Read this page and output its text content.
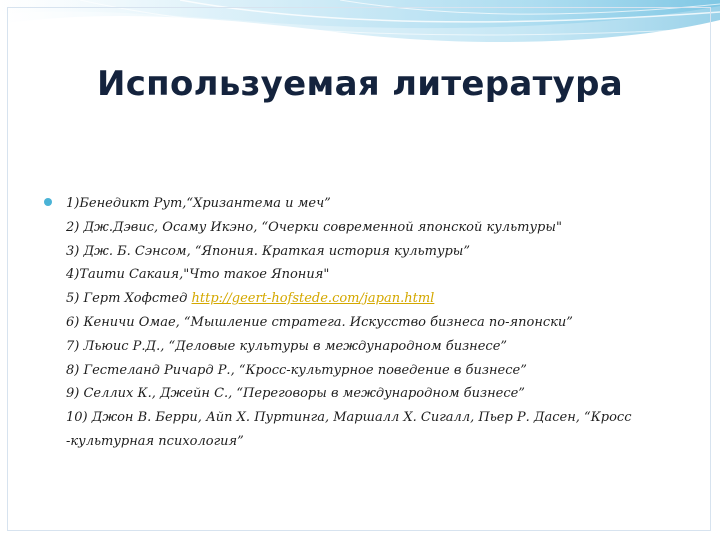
Используемая литература
1)Бенедикт Рут,“Хризантема и меч”
2) Дж.Дэвис, Осаму Икэно, “Очерки современной японской культуры"
3) Дж. Б. Сэнсом, “Япония. Краткая история культуры”
4)Таити Сакаия,"Что такое Япония"
5) Герт Хофстед http://geert-hofstede.com/japan.html
6) Кеничи Омае, “Мышление стратега. Искусство бизнеса по-японски”
7) Льюис Р.Д., “Деловые культуры в международном бизнесе”
8) Гестеланд Ричард Р., “Кросс-культурное поведение в бизнесе”
9) Селлих К., Джейн С., “Переговоры в международном бизнесе”
10) Джон В. Берри, Айп Х. Пуртинга, Маршалл Х. Сигалл, Пьер Р. Дасен, “Кросс -культурная психология”
